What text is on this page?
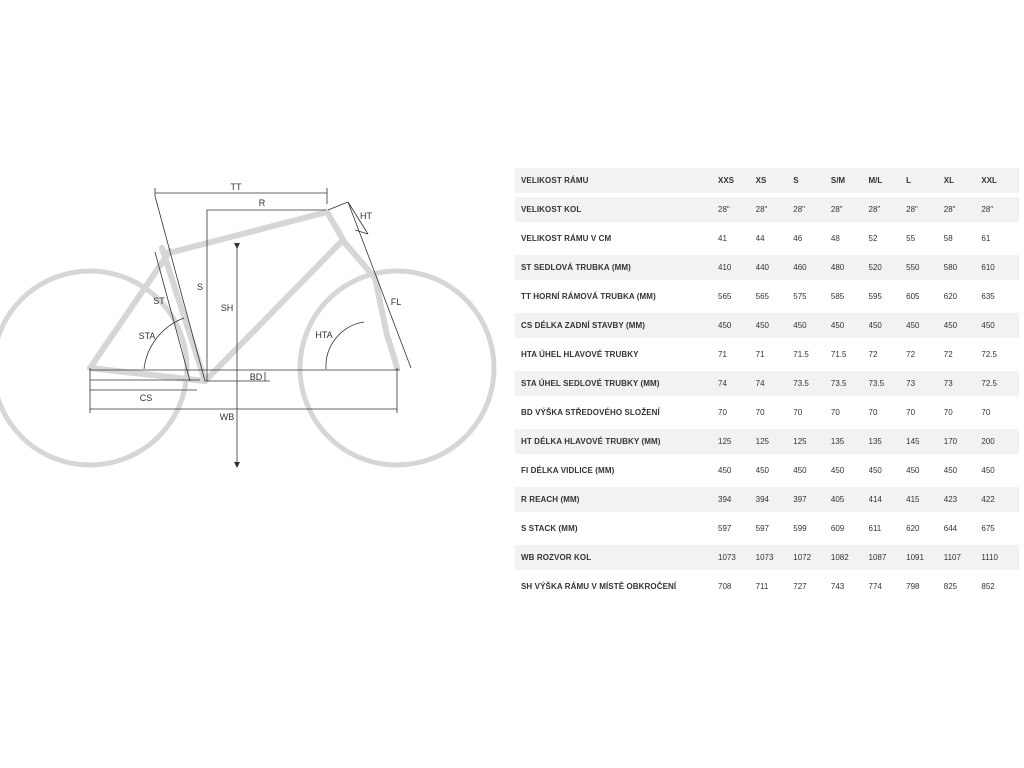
TT
R
HT
S
SH
ST
STA
FL
HTA
BD
CS
WB
VELIKOST RÁMU	XXS	XS	S	S/M	M/L	L	XL	XXL
VELIKOST KOL	28"	28"	28"	28"	28"	28"	28"	28"
VELIKOST RÁMU V CM	41	44	46	48	52	55	58	61
ST SEDLOVÁ TRUBKA (MM)	410	440	460	480	520	550	580	610
TT HORNÍ RÁMOVÁ TRUBKA (MM)	565	565	575	585	595	605	620	635
CS DÉLKA ZADNÍ STAVBY (MM)	450	450	450	450	450	450	450	450
HTA ÚHEL HLAVOVÉ TRUBKY	71	71	71.5	71.5	72	72	72	72.5
STA ÚHEL SEDLOVÉ TRUBKY (MM)	74	74	73.5	73.5	73.5	73	73	72.5
BD VÝŠKA STŘEDOVÉHO SLOŽENÍ	70	70	70	70	70	70	70	70
HT DÉLKA HLAVOVÉ TRUBKY (MM)	125	125	125	135	135	145	170	200
FI DÉLKA VIDLICE (MM)	450	450	450	450	450	450	450	450
R REACH (MM)	394	394	397	405	414	415	423	422
S STACK (MM)	597	597	599	609	611	620	644	675
WB ROZVOR KOL	1073	1073	1072	1082	1087	1091	1107	1110
SH VÝŠKA RÁMU V MÍSTĚ OBKROČENÍ	708	711	727	743	774	798	825	852
